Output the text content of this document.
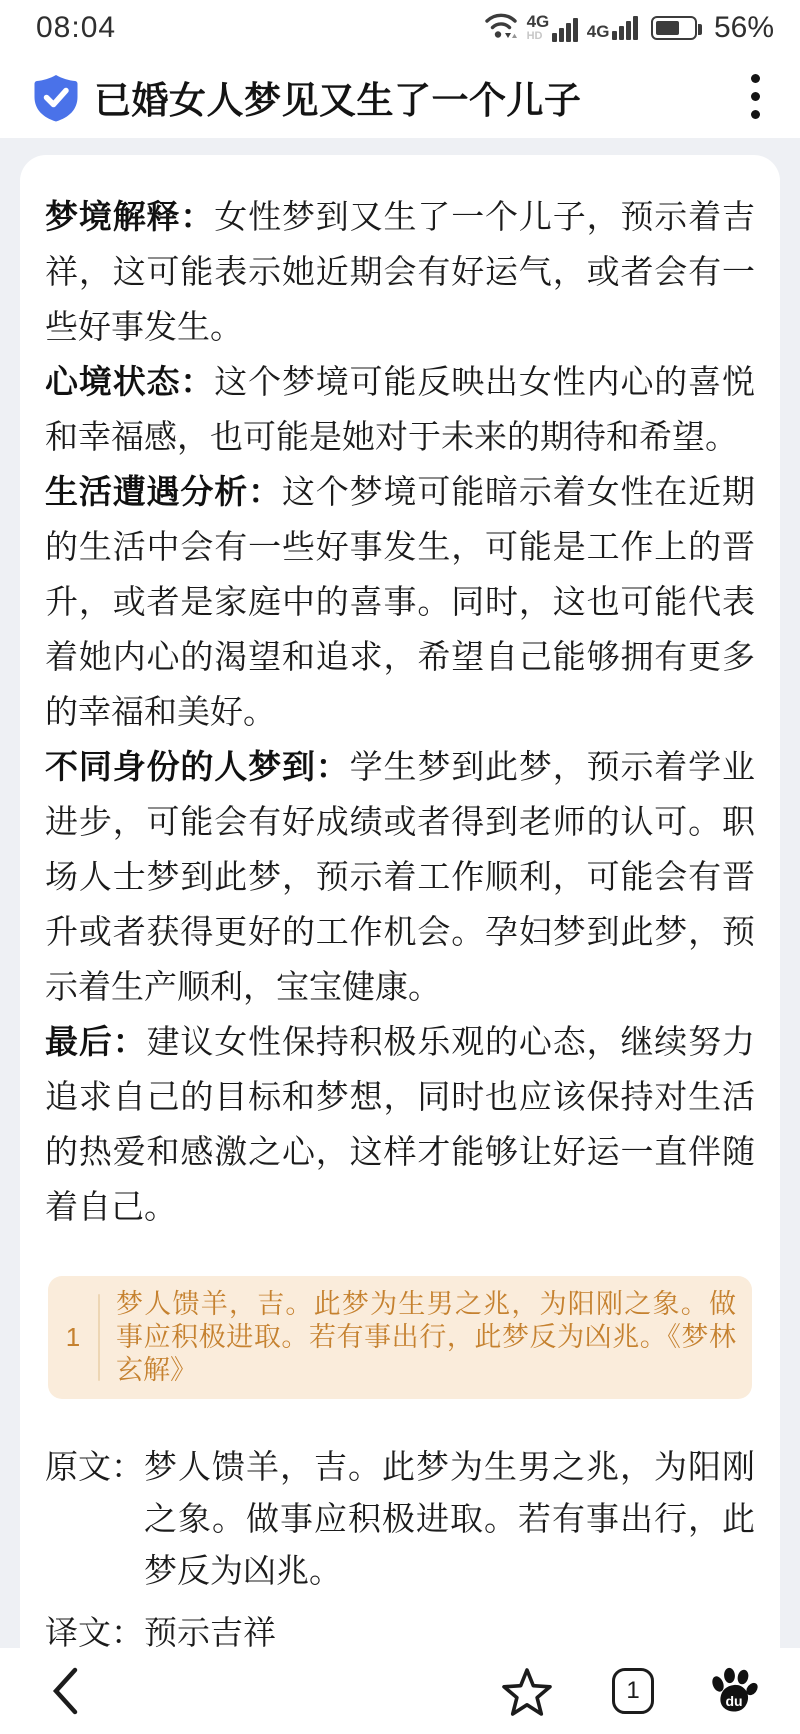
08:04	4G
HD	4G	56%
已婚女人梦见又生了一个儿子

梦境解释：女性梦到又生了一个儿子，预示着吉祥，这可能表示她近期会有好运气，或者会有一些好事发生。

心境状态：这个梦境可能反映出女性内心的喜悦和幸福感，也可能是她对于未来的期待和希望。

生活遭遇分析：这个梦境可能暗示着女性在近期的生活中会有一些好事发生，可能是工作上的晋升，或者是家庭中的喜事。同时，这也可能代表着她内心的渴望和追求，希望自己能够拥有更多的幸福和美好。

不同身份的人梦到：学生梦到此梦，预示着学业进步，可能会有好成绩或者得到老师的认可。职场人士梦到此梦，预示着工作顺利，可能会有晋升或者获得更好的工作机会。孕妇梦到此梦，预示着生产顺利，宝宝健康。

最后：建议女性保持积极乐观的心态，继续努力追求自己的目标和梦想，同时也应该保持对生活的热爱和感激之心，这样才能够让好运一直伴随着自己。

1
梦人馈羊，吉。此梦为生男之兆，为阳刚之象。做事应积极进取。若有事出行，此梦反为凶兆。《梦林玄解》
原文： 梦人馈羊，吉。此梦为生男之兆，为阳刚之象。做事应积极进取。若有事出行，此梦反为凶兆。
译文： 预示吉祥
1	du
